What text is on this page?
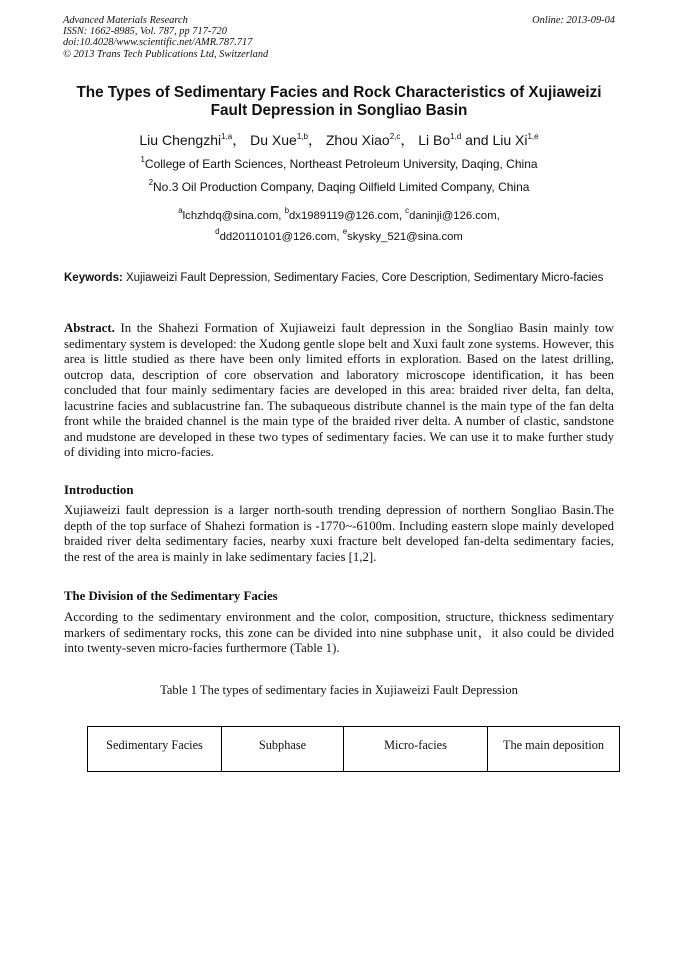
Advanced Materials Research
ISSN: 1662-8985, Vol. 787, pp 717-720
doi:10.4028/www.scientific.net/AMR.787.717
© 2013 Trans Tech Publications Ltd, Switzerland
Online: 2013-09-04
The Types of Sedimentary Facies and Rock Characteristics of Xujiaweizi
Fault Depression in Songliao Basin
Liu Chengzhi$^{1,a}$， Du Xue$^{1,b}$， Zhou Xiao$^{2,c}$， Li Bo$^{1,d}$ and Liu Xi$^{1,e}$
$^1$College of Earth Sciences, Northeast Petroleum University, Daqing, China
$^2$No.3 Oil Production Company, Daqing Oilfield Limited Company, China
$^a$lchzhdq@sina.com, $^b$dx1989119@126.com, $^c$daninji@126.com,
$^d$dd20110101@126.com, $^e$skysky_521@sina.com
Keywords: Xujiaweizi Fault Depression, Sedimentary Facies, Core Description, Sedimentary Micro-facies
Abstract. In the Shahezi Formation of Xujiaweizi fault depression in the Songliao Basin mainly tow sedimentary system is developed: the Xudong gentle slope belt and Xuxi fault zone systems. However, this area is little studied as there have been only limited efforts in exploration. Based on the latest drilling, outcrop data, description of core observation and laboratory microscope identification, it has been concluded that four mainly sedimentary facies are developed in this area: braided river delta, fan delta, lacustrine facies and sublacustrine fan. The subaqueous distribute channel is the main type of the fan delta front while the braided channel is the main type of the braided river delta. A number of clastic, sandstone and mudstone are developed in these two types of sedimentary facies. We can use it to make further study of dividing into micro-facies.
Introduction
Xujiaweizi fault depression is a larger north-south trending depression of northern Songliao Basin.The depth of the top surface of Shahezi formation is -1770~-6100m. Including eastern slope mainly developed braided river delta sedimentary facies, nearby xuxi fracture belt developed fan-delta sedimentary facies, the rest of the area is mainly in lake sedimentary facies [1,2].
The Division of the Sedimentary Facies
According to the sedimentary environment and the color, composition, structure, thickness sedimentary markers of sedimentary rocks, this zone can be divided into nine subphase unit，it also could be divided into twenty-seven micro-facies furthermore (Table 1).
Table 1 The types of sedimentary facies in Xujiaweizi Fault Depression
Sedimentary Facies	Subphase	Micro-facies	The main deposition
